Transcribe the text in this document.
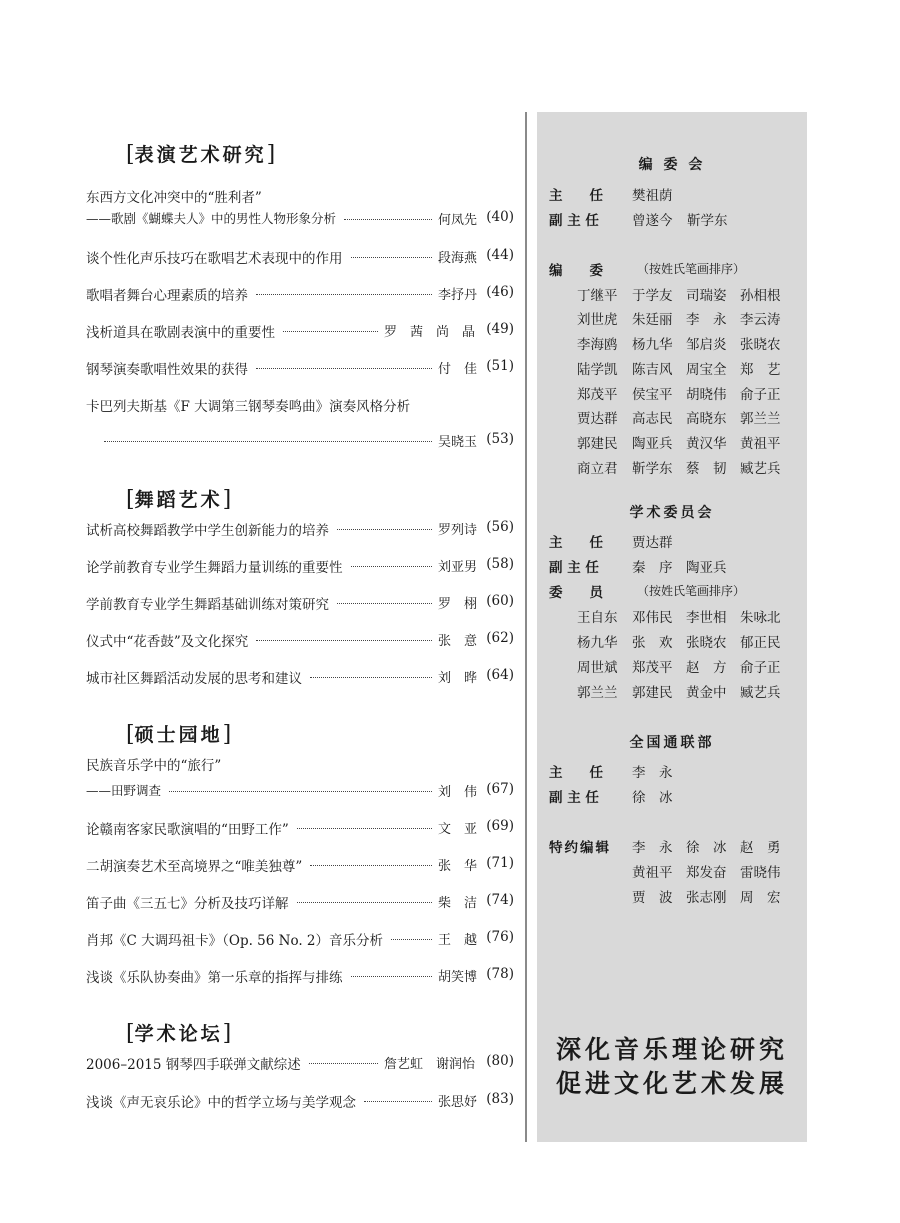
[表演艺术研究]
东西方文化冲突中的“胜利者”
——歌剧《蝴蝶夫人》中的男性人物形象分析	何凤先 (40)
谈个性化声乐技巧在歌唱艺术表现中的作用	段海燕 (44)
歌唱者舞台心理素质的培养	李抒丹 (46)
浅析道具在歌剧表演中的重要性	罗　茜　尚　晶 (49)
钢琴演奏歌唱性效果的获得	付　佳 (51)
卡巴列夫斯基《F 大调第三钢琴奏鸣曲》演奏风格分析
吴晓玉 (53)
[舞蹈艺术]
试析高校舞蹈教学中学生创新能力的培养	罗列诗 (56)
论学前教育专业学生舞蹈力量训练的重要性	刘亚男 (58)
学前教育专业学生舞蹈基础训练对策研究	罗　栩 (60)
仪式中“花香鼓”及文化探究	张　意 (62)
城市社区舞蹈活动发展的思考和建议	刘　晔 (64)
[硕士园地]
民族音乐学中的“旅行”
——田野调查	刘　伟 (67)
论赣南客家民歌演唱的“田野工作”	文　亚 (69)
二胡演奏艺术至高境界之“唯美独尊”	张　华 (71)
笛子曲《三五七》分析及技巧详解	柴　洁 (74)
肖邦《C 大调玛祖卡》（Op. 56 No. 2）音乐分析	王　越 (76)
浅谈《乐队协奏曲》第一乐章的指挥与排练	胡笑博 (78)
[学术论坛]
2006–2015 钢琴四手联弹文献综述	詹艺虹　谢润怡 (80)
浅谈《声无哀乐论》中的哲学立场与美学观念	张思妤 (83)
编 委 会
主　　任 樊祖荫
副 主 任 曾遂今 靳学东
编　　委	（按姓氏笔画排序）
丁继平 于学友 司瑞姿 孙相根
刘世虎 朱廷丽 李　永 李云涛
李海鸥 杨九华 邹启炎 张晓农
陆学凯 陈吉风 周宝全 郑　艺
郑茂平 侯宝平 胡晓伟 俞子正
贾达群 高志民 高晓东 郭兰兰
郭建民 陶亚兵 黄汉华 黄祖平
商立君 靳学东 蔡　韧 臧艺兵
学术委员会
主　　任 贾达群
副 主 任 秦　序 陶亚兵
委　　员	（按姓氏笔画排序）
王自东 邓伟民 李世相 朱咏北
杨九华 张　欢 张晓农 郁正民
周世斌 郑茂平 赵　方 俞子正
郭兰兰 郭建民 黄金中 臧艺兵
全国通联部
主　　任 李　永
副 主 任 徐　冰
特约编辑 李　永 徐　冰 赵　勇
黄祖平 郑发奋 雷晓伟
贾　波 张志刚 周　宏
深化音乐理论研究
促进文化艺术发展
